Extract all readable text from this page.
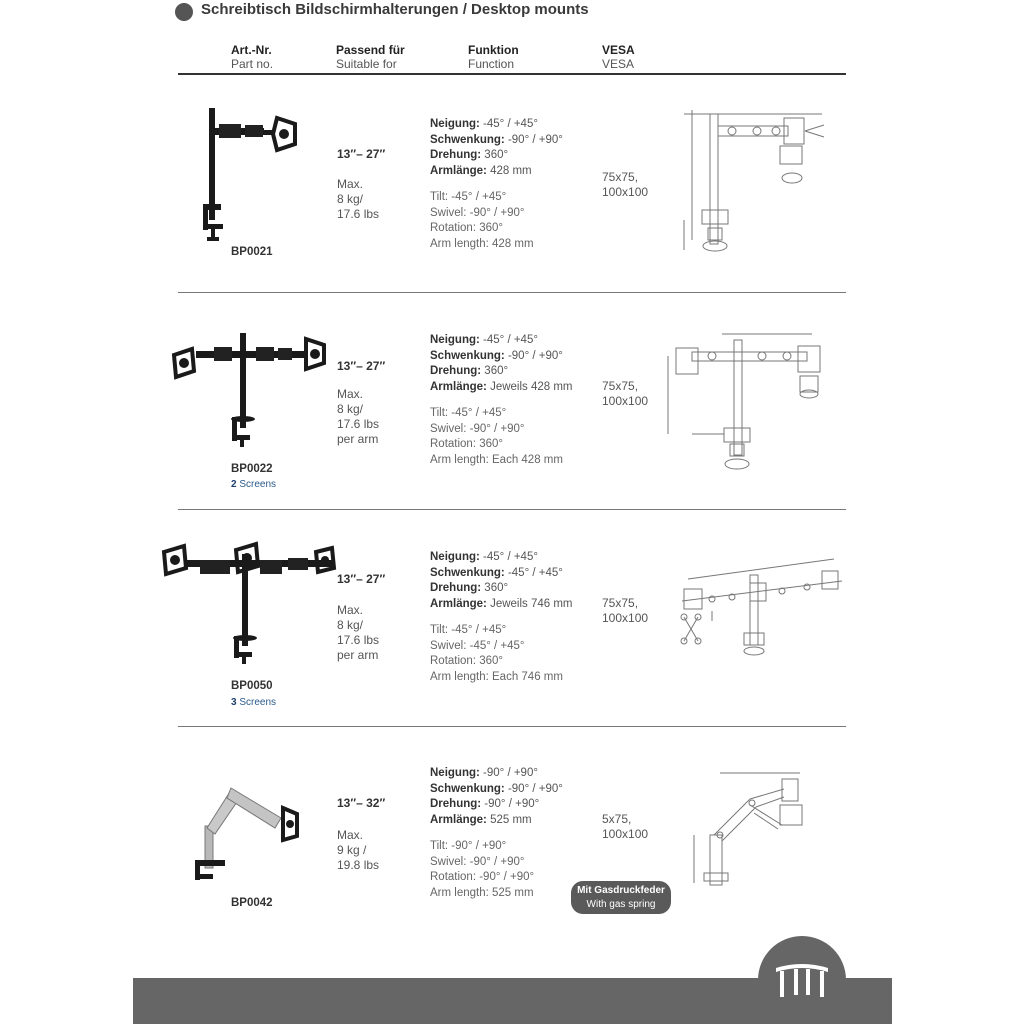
Schreibtisch Bildschirmhalterungen / Desktop mounts
Art.-Nr.
Part no.
Passend für
Suitable for
Funktion
Function
VESA
VESA
BP0021
13″– 27″
Max.
8 kg/
17.6 lbs
Neigung: -45° / +45°
Schwenkung: -90° / +90°
Drehung: 360°
Armlänge: 428 mm
Tilt: -45° / +45°
Swivel: -90° / +90°
Rotation: 360°
Arm length: 428 mm
75x75,
100x100
BP0022
2 Screens
13″– 27″
Max.
8 kg/
17.6 lbs
per arm
Neigung: -45° / +45°
Schwenkung: -90° / +90°
Drehung: 360°
Armlänge: Jeweils 428 mm
Tilt: -45° / +45°
Swivel: -90° / +90°
Rotation: 360°
Arm length: Each 428 mm
75x75,
100x100
BP0050
3 Screens
13″– 27″
Max.
8 kg/
17.6 lbs
per arm
Neigung: -45° / +45°
Schwenkung: -45° / +45°
Drehung: 360°
Armlänge: Jeweils 746 mm
Tilt: -45° / +45°
Swivel: -45° / +45°
Rotation: 360°
Arm length: Each 746 mm
75x75,
100x100
BP0042
13″– 32″
Max.
9 kg /
19.8 lbs
Neigung: -90° / +90°
Schwenkung: -90° / +90°
Drehung: -90° / +90°
Armlänge: 525 mm
Tilt: -90° / +90°
Swivel: -90° / +90°
Rotation: -90° / +90°
Arm length: 525 mm
5x75,
100x100
Mit Gasdruckfeder
With gas spring
